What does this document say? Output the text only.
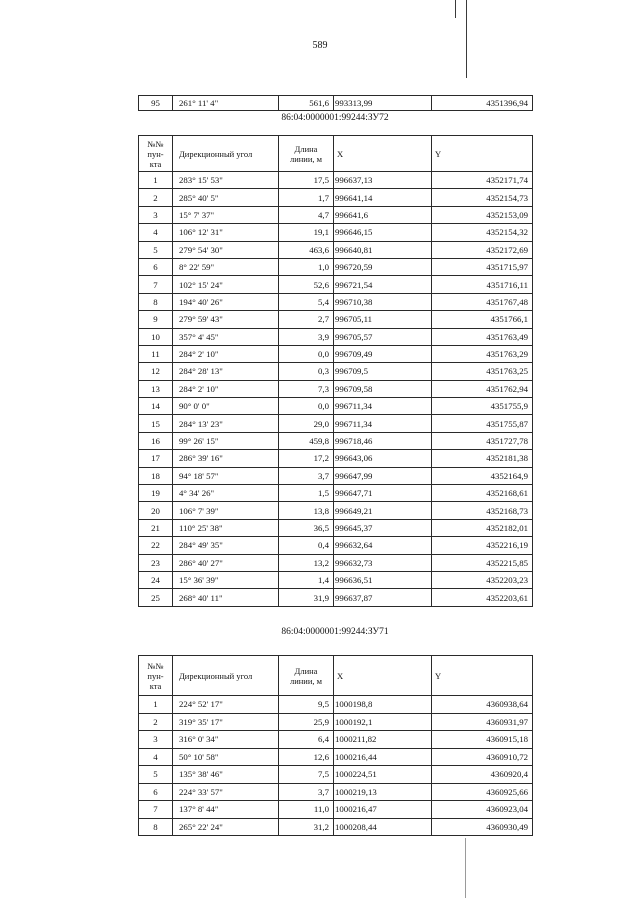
589
95	261° 11' 4"	561,6	993313,99	4351396,94
86:04:0000001:99244:ЗУ72
№№ пун-кта	Дирекционный угол	Длина линии, м	X	Y
1	283° 15' 53"	17,5	996637,13	4352171,74
2	285° 40' 5"	1,7	996641,14	4352154,73
3	15° 7' 37"	4,7	996641,6	4352153,09
4	106° 12' 31"	19,1	996646,15	4352154,32
5	279° 54' 30"	463,6	996640,81	4352172,69
6	8° 22' 59"	1,0	996720,59	4351715,97
7	102° 15' 24"	52,6	996721,54	4351716,11
8	194° 40' 26"	5,4	996710,38	4351767,48
9	279° 59' 43"	2,7	996705,11	4351766,1
10	357° 4' 45"	3,9	996705,57	4351763,49
11	284° 2' 10"	0,0	996709,49	4351763,29
12	284° 28' 13"	0,3	996709,5	4351763,25
13	284° 2' 10"	7,3	996709,58	4351762,94
14	90° 0' 0"	0,0	996711,34	4351755,9
15	284° 13' 23"	29,0	996711,34	4351755,87
16	99° 26' 15"	459,8	996718,46	4351727,78
17	286° 39' 16"	17,2	996643,06	4352181,38
18	94° 18' 57"	3,7	996647,99	4352164,9
19	4° 34' 26"	1,5	996647,71	4352168,61
20	106° 7' 39"	13,8	996649,21	4352168,73
21	110° 25' 38"	36,5	996645,37	4352182,01
22	284° 49' 35"	0,4	996632,64	4352216,19
23	286° 40' 27"	13,2	996632,73	4352215,85
24	15° 36' 39"	1,4	996636,51	4352203,23
25	268° 40' 11"	31,9	996637,87	4352203,61
86:04:0000001:99244:ЗУ71
№№ пун-кта	Дирекционный угол	Длина линии, м	X	Y
1	224° 52' 17"	9,5	1000198,8	4360938,64
2	319° 35' 17"	25,9	1000192,1	4360931,97
3	316° 0' 34"	6,4	1000211,82	4360915,18
4	50° 10' 58"	12,6	1000216,44	4360910,72
5	135° 38' 46"	7,5	1000224,51	4360920,4
6	224° 33' 57"	3,7	1000219,13	4360925,66
7	137° 8' 44"	11,0	1000216,47	4360923,04
8	265° 22' 24"	31,2	1000208,44	4360930,49
